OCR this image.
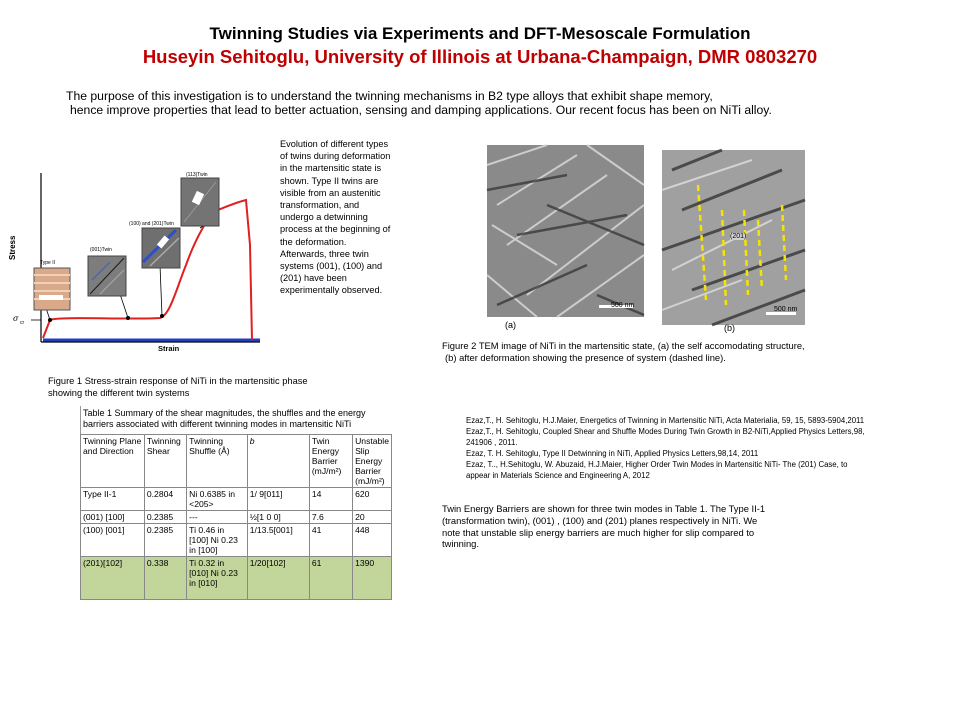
Twinning Studies via Experiments and DFT-Mesoscale Formulation
Huseyin Sehitoglu, University of Illinois at Urbana-Champaign, DMR 0803270
The purpose of this investigation is to understand the twinning mechanisms in B2 type alloys that exhibit shape memory,
hence improve properties that lead to better actuation, sensing and damping applications. Our recent focus has been on NiTi alloy.
Stress
Strain
σ cr
Type II
(001)Twin
(100) and (201)Twin
(113)Twin
Evolution of different types of twins during deformation in the martensitic state is shown. Type II twins are visible from an austenitic transformation, and undergo a detwinning process at the beginning of the deformation. Afterwards, three twin systems (001), (100) and (201) have been experimentally observed.
Figure 1 Stress-strain response of NiTi in the martensitic phase showing the different twin systems
(a)
500 nm
(201)
(b)
500 nm
Figure 2 TEM image of NiTi in the martensitic state, (a) the self accomodating structure,
(b) after deformation showing the presence of system (dashed line).
Table 1 Summary of the shear magnitudes, the shuffles and the energy barriers associated with different twinning modes in martensitic NiTi
Twinning Plane and Direction	Twinning Shear	Twinning Shuffle (Å)	b	Twin Energy Barrier (mJ/m²)	Unstable Slip Energy Barrier (mJ/m²)
Type II-1	0.2804	Ni 0.6385 in <205>	1/ 9[011]	14	620
(001) [100]	0.2385	---	½[1 0 0]	7.6	20
(100) [001]	0.2385	Ti 0.46 in [100] Ni 0.23 in [100]	1/13.5[001]	41	448
(201)[102]	0.338	Ti 0.32 in [010] Ni 0.23 in [010]	1/20[102]	61	1390
Ezaz,T., H. Sehitoglu, H.J.Maier, Energetics of Twinning in Martensitic NiTi, Acta Materialia, 59, 15, 5893-5904,2011
Ezaz,T., H. Sehitoglu, Coupled Shear and Shuffle Modes During Twin Growth in B2-NiTi,Applied Physics Letters,98,
241906 , 2011.
Ezaz, T. H. Sehitoglu, Type II Detwinning in NiTi, Applied Physics Letters,98,14, 2011
Ezaz, T.., H.Sehitoglu, W. Abuzaid, H.J.Maier, Higher Order Twin Modes in Martensitic NiTi- The (201) Case, to
appear in Materials Science and Engineering A, 2012
Twin Energy Barriers are shown for three twin modes in Table 1. The Type II-1 (transformation twin), (001) , (100) and (201) planes respectively in NiTi. We note that unstable slip energy barriers are much higher for slip compared to twinning.
